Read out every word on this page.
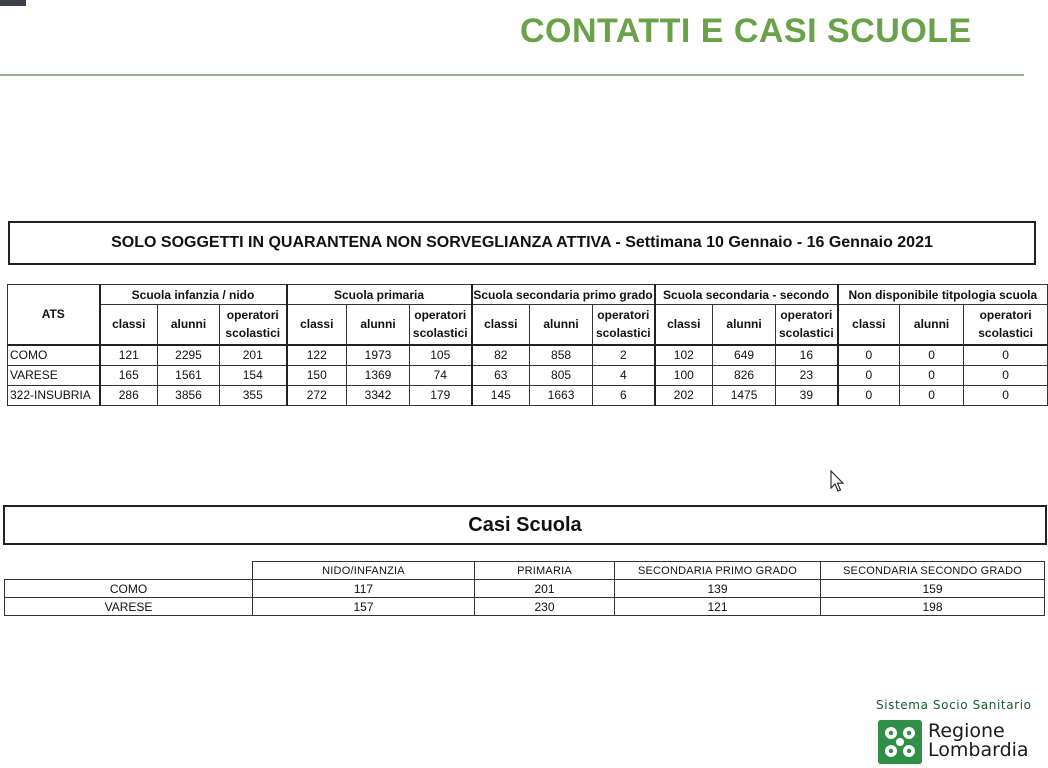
CONTATTI E CASI SCUOLE
SOLO SOGGETTI IN QUARANTENA NON SORVEGLIANZA ATTIVA - Settimana 10 Gennaio - 16 Gennaio 2021
ATS	Scuola infanzia / nido			Scuola primaria			Scuola secondaria primo grado			Scuola secondaria - secondo			Non disponibile titpologia scuola		
	classi	alunni	operatori scolastici	classi	alunni	operatori scolastici	classi	alunni	operatori scolastici	classi	alunni	operatori scolastici	classi	alunni	operatori scolastici
COMO	121	2295	201	122	1973	105	82	858	2	102	649	16	0	0	0
VARESE	165	1561	154	150	1369	74	63	805	4	100	826	23	0	0	0
322-INSUBRIA	286	3856	355	272	3342	179	145	1663	6	202	1475	39	0	0	0
Casi Scuola
	NIDO/INFANZIA	PRIMARIA	SECONDARIA PRIMO GRADO	SECONDARIA SECONDO GRADO
COMO	117	201	139	159
VARESE	157	230	121	198
Sistema Socio Sanitario
Regione
Lombardia
